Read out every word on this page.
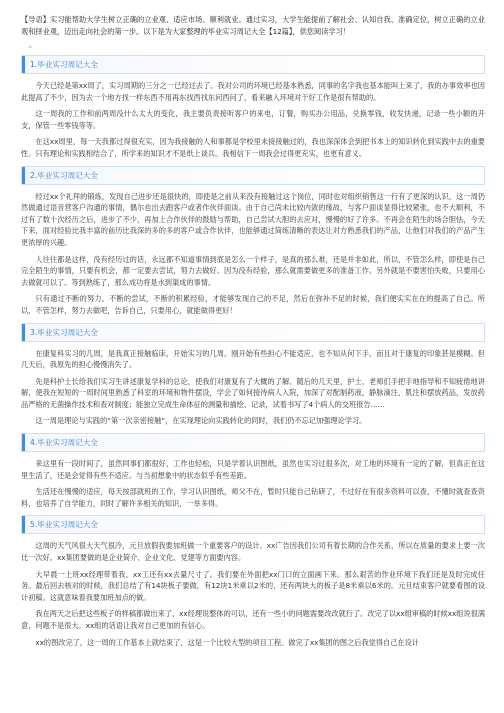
【导语】实习能帮助大学生树立正确的立业观、适应市场、顺利就业。通过实习，大学生能提前了解社会、认知自我、准确定位，树立正确的立业观和择业观，迈出走向社会的第一步。以下是为大家整理的毕业实习周记大全【12篇】，供您阅读学习！

。
1.毕业实习周记大全

今天已经是第xx周了，实习周期的三分之一已经过去了。我对公司的环境已经基本熟悉，同事的名字我也基本能叫上来了，我的办事效率也因此提高了不少，因为去一个地方找一样东西不用再东找西找东问西问了，看来融入环境对干好工作是很有帮助的。

这一周我的工作和前两周没什么太大的变化，我主要负责接听客户的来电，订餐，购买办公用品，兑换零钱，收发快递，记录一些小额的开支，保管一些零钱等等。

在这xx周里，每一天我都过得很充实，因为我接触的人和事都是学校里未接接触过的，我也深深体会到把书本上的知识转化到实践中去的重要性。只有理论和实践相结合了，所学来的知识才不是纸上谈兵。我相信下一周我会过得更充实，也更有意义。

2.毕业实习周记大全

经过xx个礼拜的锻炼，发现自己进步还是很快的，即使是之前从来没有接触过这个岗位，同时也对组织销售这一行有了更深的认识，这一周仍然做通过语音营客户沟通的事情，偶尔也出去跑客户或者作伙伴面谈。由于自己尚未比较内敛的缘故，与客户面谈显得比较紧张，也不大顺利，不过有了数十次经历之后，进步了不少，再加上合作伙伴的鼓励与帮助，自己尝试大胆的去应对，慢慢的好了许多。不再会在陌生的场合胆怯，今天下来，面对经验比我丰富的前历比我深的多的多的客户或合作伙伴，也能够通过简练清晰的表达让对方熟悉我们的产品，让他们对我们的产品产生更浓厚的兴趣。

人往往都是这样，没有经历过的话，永远都不知道事情到底是怎么一个样子，是真的那么难，还是并非如此，所以，不管怎么样，即使是自己完全陌生的事情，只要有机会，都一定要去尝试，努力去做好。因为没有经验，那么就需要做更多的准备工作。另外就是不要害怕失败，只要用心去做就可以了。等到熟练了，那么成功将是水到渠成的事情。

只有通过不断的努力，不断的尝试，不断的积累经验，才能够发现自己的不足，然后在弥补不足的时候，我们便实实在在的提高了自己。所以，不管怎样，努力去做吧，告诉自己，只要用心，就能做得更好！

3.毕业实习周记大全

在康复科实习的几周，是我真正接触临床，开始实习的几周。刚开始有些担心不能适应，也不知从何下手，而且对于康复的印象甚是模糊。但几天后，我原先的担心慢慢消失了。

先是科护士长给我们实习生讲述康复学科的总论，使我们对康复有了大概的了解。随后的几天里，护士、老师们手把手地指导和不知疲倦地讲解，使我在短短的一周时间里熟悉了科室的环境和物件摆设，学会了如何接待病人入院，加深了对配制药液，静脉滴注，肌注和摆放药品，发放药品严格的无菌操作技术和查对制度；能独立完成生命体征的测量和描绘、记录，试着书写了4个病人的交班报告……

这一周是理论与实践的“第一次亲密接触”，在实现理论向实践转化的同时，我们仍不忘记加强理论学习。

4.毕业实习周记大全

来这里有一段时间了，虽然同事们都很好，工作也轻松，只是学着认识图纸，虽然也实习过很多次，对工地的环境有一定的了解，但真正在这里生活了，还是会觉得有些不适应。与当初想象中的状态似乎有些差距。

生活还在慢慢的适应，每天按部就班的工作，学习认识图纸，师父不在，暂时只能自己钻研了，不过好在有很多资料可以查，不懂时就查查资料，也培养了自学能力，同时了解许多相关的知识，一举多得。

5.毕业实习周记大全

这周的天气风很大天气很冷，元旦放假我要加班做一个重要客户的设计。xx广告因我们公司有着长期的合作关系，所以在质量的要求上要一次比一次好。xx集团要做的是企业简介、企业文化、党建等方面要内容。

大早晨一上班xx经理带着我、xx工还有xx去量尺寸了。我们要在外面把xx门口的立面画下来。那么艰苦的作业环境下我们还是及时完成任务。最后回去核对的时候，我们总结了有14块板子要做，有12块1米乘以2米的，还有两块大的板子是8米乘以6米的。元旦结束客户就要看图的设计初稿。这就意味着我要加班加点的做。

我在两天之后把这些板子的样稿都做出来了，xx经理说整体的可以，还有一些小的问题需要改改就行了。改完了以xx组审稿的时候xx组说很满意，问题不是很大。xx组的话语让我对自己更加的有信心。

xx的图改完了，这一周的工作基本上就结束了，这是一个比较大型的项目工程。做完了xx集团的图之后我觉得自己在设计
